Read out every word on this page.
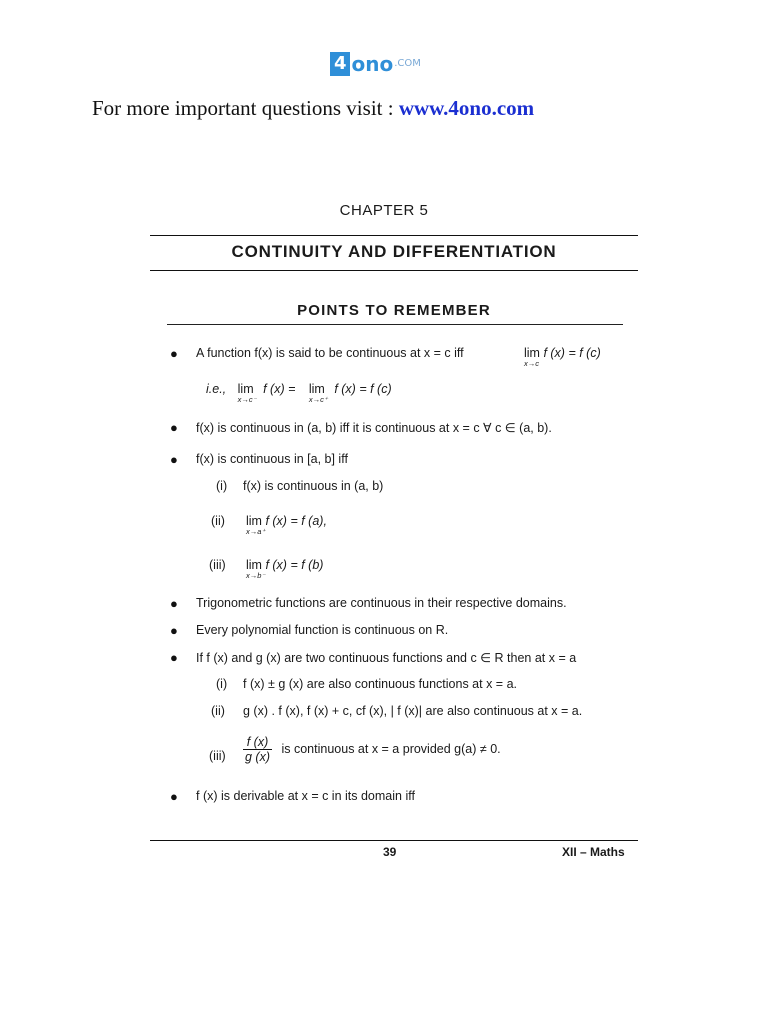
4 ono.COM
For more important questions visit : www.4ono.com
CHAPTER 5
CONTINUITY AND DIFFERENTIATION
POINTS TO REMEMBER
● A function f(x) is said to be continuous at x = c iff	lim
x→c
f (x) = f (c)
i.e., lim
x→c⁻
f (x) = lim
x→c⁺
f (x) = f (c)
● f(x) is continuous in (a, b) iff it is continuous at x = c ∀ c ∈ (a, b).
● f(x) is continuous in [a, b] iff
(i) f(x) is continuous in (a, b)
(ii) lim
x→a⁺
f (x) = f (a),
(iii) lim
x→b⁻
f (x) = f (b)
● Trigonometric functions are continuous in their respective domains.
● Every polynomial function is continuous on R.
● If f (x) and g (x) are two continuous functions and c ∈ R then at x = a
(i) f (x) ± g (x) are also continuous functions at x = a.
(ii) g (x) . f (x), f (x) + c, cf (x), | f (x)| are also continuous at x = a.
$(iii) \frac{f (x)}{g (x)}$ is continuous at x = a provided g(a) ≠ 0.
● f (x) is derivable at x = c in its domain iff
39	XII – Maths
